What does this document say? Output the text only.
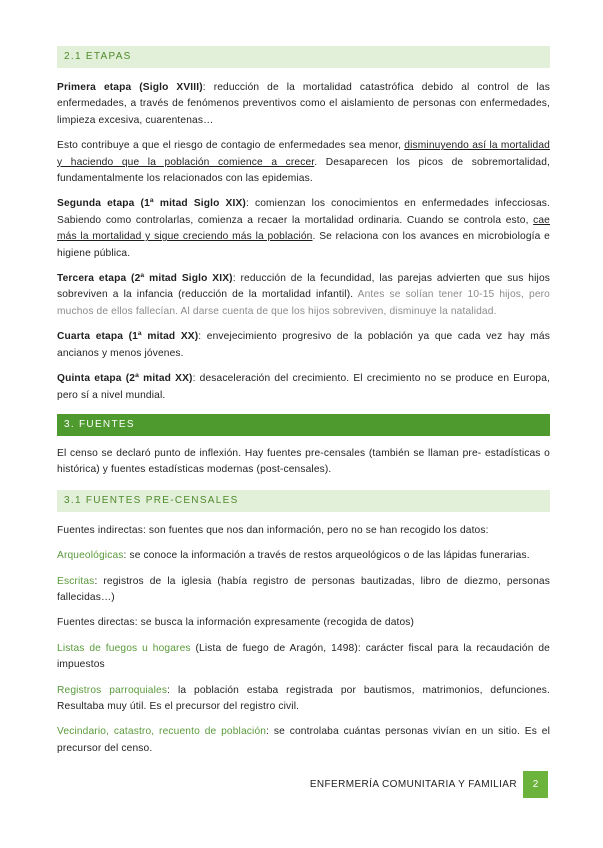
2.1 ETAPAS

Primera etapa (Siglo XVIII): reducción de la mortalidad catastrófica debido al control de las enfermedades, a través de fenómenos preventivos como el aislamiento de personas con enfermedades, limpieza excesiva, cuarentenas…

Esto contribuye a que el riesgo de contagio de enfermedades sea menor, disminuyendo así la mortalidad y haciendo que la población comience a crecer. Desaparecen los picos de sobremortalidad, fundamentalmente los relacionados con las epidemias.

Segunda etapa (1ª mitad Siglo XIX): comienzan los conocimientos en enfermedades infecciosas. Sabiendo como controlarlas, comienza a recaer la mortalidad ordinaria. Cuando se controla esto, cae más la mortalidad y sigue creciendo más la población. Se relaciona con los avances en microbiología e higiene pública.

Tercera etapa (2ª mitad Siglo XIX): reducción de la fecundidad, las parejas advierten que sus hijos sobreviven a la infancia (reducción de la mortalidad infantil). Antes se solían tener 10-15 hijos, pero muchos de ellos fallecían. Al darse cuenta de que los hijos sobreviven, disminuye la natalidad.

Cuarta etapa (1ª mitad XX): envejecimiento progresivo de la población ya que cada vez hay más ancianos y menos jóvenes.

Quinta etapa (2ª mitad XX): desaceleración del crecimiento. El crecimiento no se produce en Europa, pero sí a nivel mundial.

3. FUENTES

El censo se declaró punto de inflexión. Hay fuentes pre-censales (también se llaman pre- estadísticas o histórica) y fuentes estadísticas modernas (post-censales).

3.1 FUENTES PRE-CENSALES

Fuentes indirectas: son fuentes que nos dan información, pero no se han recogido los datos:

Arqueológicas: se conoce la información a través de restos arqueológicos o de las lápidas funerarias.

Escritas: registros de la iglesia (había registro de personas bautizadas, libro de diezmo, personas fallecidas…)

Fuentes directas: se busca la información expresamente (recogida de datos)

Listas de fuegos u hogares (Lista de fuego de Aragón, 1498): carácter fiscal para la recaudación de impuestos

Registros parroquiales: la población estaba registrada por bautismos, matrimonios, defunciones. Resultaba muy útil. Es el precursor del registro civil.

Vecindario, catastro, recuento de población: se controlaba cuántas personas vivían en un sitio. Es el precursor del censo.

ENFERMERÍA COMUNITARIA Y FAMILIAR	2
